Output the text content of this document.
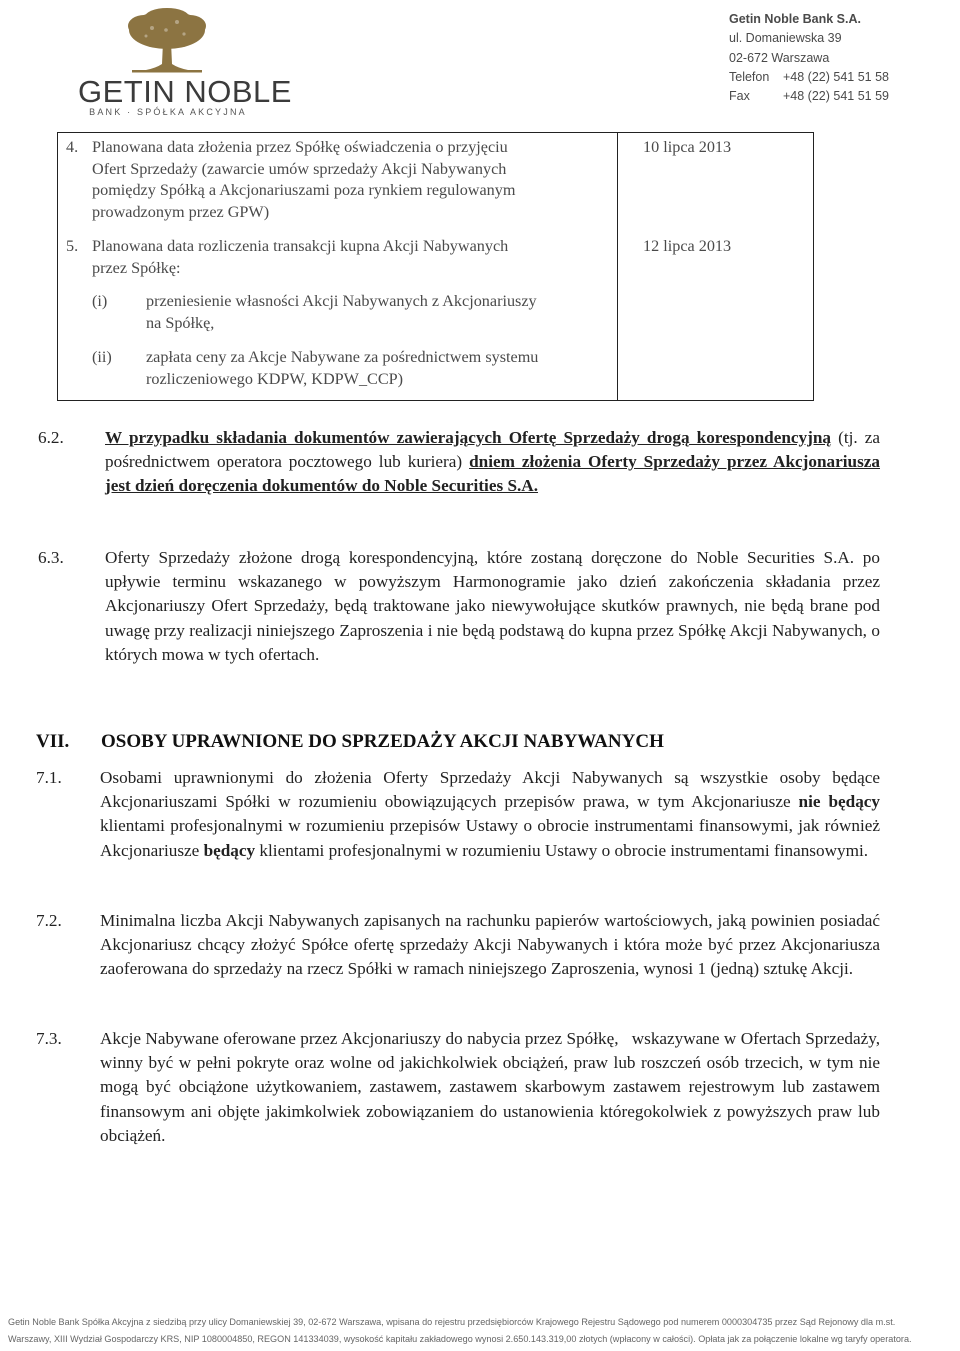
GETIN NOBLE
BANK · SPÓŁKA AKCYJNA
Getin Noble Bank S.A.
ul. Domaniewska 39
02-672 Warszawa
Telefon +48 (22) 541 51 58
Fax	+48 (22) 541 51 59
4. Planowana data złożenia przez Spółkę oświadczenia o przyjęciu
Ofert Sprzedaży (zawarcie umów sprzedaży Akcji Nabywanych
pomiędzy Spółką a Akcjonariuszami poza rynkiem regulowanym
prowadzonym przez GPW)
10 lipca 2013
5. Planowana data rozliczenia transakcji kupna Akcji Nabywanych
przez Spółkę:
12 lipca 2013
(i) przeniesienie własności Akcji Nabywanych z Akcjonariuszy
na Spółkę,
(ii) zapłata ceny za Akcje Nabywane za pośrednictwem systemu
rozliczeniowego KDPW, KDPW_CCP)
6.2. W przypadku składania dokumentów zawierających Ofertę Sprzedaży drogą korespondencyjną (tj. za pośrednictwem operatora pocztowego lub kuriera) dniem złożenia Oferty Sprzedaży przez Akcjonariusza jest dzień doręczenia dokumentów do Noble Securities S.A.
6.3. Oferty Sprzedaży złożone drogą korespondencyjną, które zostaną doręczone do Noble Securities S.A. po upływie terminu wskazanego w powyższym Harmonogramie jako dzień zakończenia składania przez Akcjonariuszy Ofert Sprzedaży, będą traktowane jako niewywołujące skutków prawnych, nie będą brane pod uwagę przy realizacji niniejszego Zaproszenia i nie będą podstawą do kupna przez Spółkę Akcji Nabywanych, o których mowa w tych ofertach.
VII. OSOBY UPRAWNIONE DO SPRZEDAŻY AKCJI NABYWANYCH
7.1. Osobami uprawnionymi do złożenia Oferty Sprzedaży Akcji Nabywanych są wszystkie osoby będące Akcjonariuszami Spółki w rozumieniu obowiązujących przepisów prawa, w tym Akcjonariusze nie będący klientami profesjonalnymi w rozumieniu przepisów Ustawy o obrocie instrumentami finansowymi, jak również Akcjonariusze będący klientami profesjonalnymi w rozumieniu Ustawy o obrocie instrumentami finansowymi.
7.2. Minimalna liczba Akcji Nabywanych zapisanych na rachunku papierów wartościowych, jaką powinien posiadać Akcjonariusz chcący złożyć Spółce ofertę sprzedaży Akcji Nabywanych i która może być przez Akcjonariusza zaoferowana do sprzedaży na rzecz Spółki w ramach niniejszego Zaproszenia, wynosi 1 (jedną) sztukę Akcji.
7.3. Akcje Nabywane oferowane przez Akcjonariuszy do nabycia przez Spółkę,   wskazywane w Ofertach Sprzedaży, winny być w pełni pokryte oraz wolne od jakichkolwiek obciążeń, praw lub roszczeń osób trzecich, w tym nie mogą być obciążone użytkowaniem, zastawem, zastawem skarbowym zastawem rejestrowym lub zastawem finansowym ani objęte jakimkolwiek zobowiązaniem do ustanowienia któregokolwiek z powyższych praw lub obciążeń.
Getin Noble Bank Spółka Akcyjna z siedzibą przy ulicy Domaniewskiej 39, 02-672 Warszawa, wpisana do rejestru przedsiębiorców Krajowego Rejestru Sądowego pod numerem 0000304735 przez Sąd Rejonowy dla m.st.
Warszawy, XIII Wydział Gospodarczy KRS, NIP 1080004850, REGON 141334039, wysokość kapitału zakładowego wynosi 2.650.143.319,00 złotych (wpłacony w całości). Opłata jak za połączenie lokalne wg taryfy operatora.
